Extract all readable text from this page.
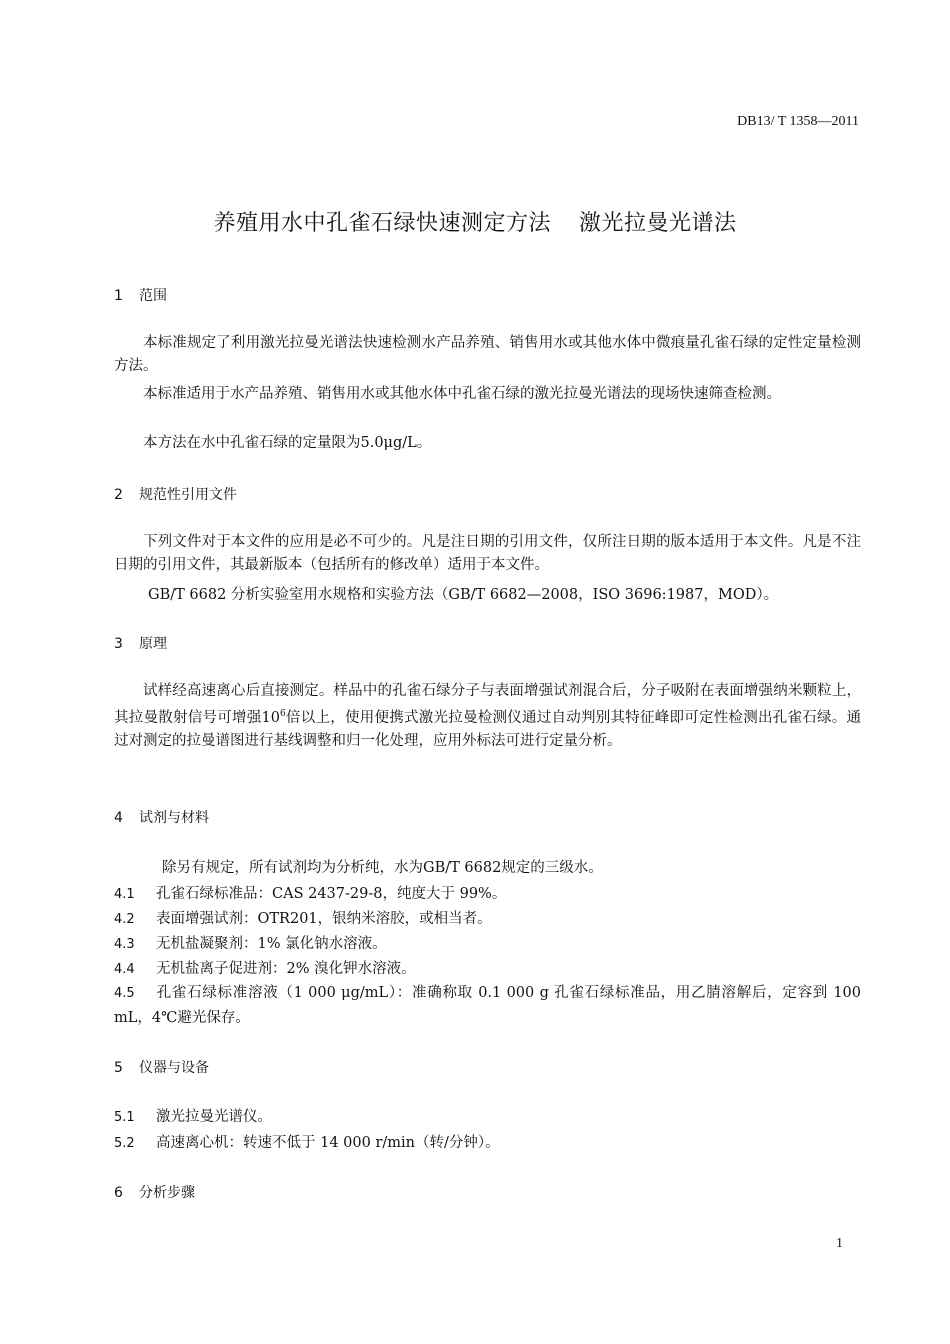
DB13/ T 1358—2011
养殖用水中孔雀石绿快速测定方法 激光拉曼光谱法
1 范围
本标准规定了利用激光拉曼光谱法快速检测水产品养殖、销售用水或其他水体中微痕量孔雀石绿的定性定量检测方法。
本标准适用于水产品养殖、销售用水或其他水体中孔雀石绿的激光拉曼光谱法的现场快速筛查检测。
本方法在水中孔雀石绿的定量限为5.0μg/L。
2 规范性引用文件
下列文件对于本文件的应用是必不可少的。凡是注日期的引用文件，仅所注日期的版本适用于本文件。凡是不注日期的引用文件，其最新版本（包括所有的修改单）适用于本文件。
GB/T 6682 分析实验室用水规格和实验方法（GB/T 6682—2008，ISO 3696:1987，MOD）。
3 原理
试样经高速离心后直接测定。样品中的孔雀石绿分子与表面增强试剂混合后，分子吸附在表面增强纳米颗粒上，其拉曼散射信号可增强$10^6$倍以上，使用便携式激光拉曼检测仪通过自动判别其特征峰即可定性检测出孔雀石绿。通过对测定的拉曼谱图进行基线调整和归一化处理，应用外标法可进行定量分析。
4 试剂与材料
除另有规定，所有试剂均为分析纯，水为GB/T 6682规定的三级水。
4.1 孔雀石绿标准品：CAS 2437-29-8，纯度大于 99%。
4.2 表面增强试剂：OTR201，银纳米溶胶，或相当者。
4.3 无机盐凝聚剂：1% 氯化钠水溶液。
4.4 无机盐离子促进剂：2% 溴化钾水溶液。
4.5 孔雀石绿标准溶液（1 000 μg/mL）：准确称取 0.1 000 g 孔雀石绿标准品，用乙腈溶解后，定容到 100 mL，4℃避光保存。
5 仪器与设备
5.1 激光拉曼光谱仪。
5.2 高速离心机：转速不低于 14 000 r/min（转/分钟）。
6 分析步骤
1
